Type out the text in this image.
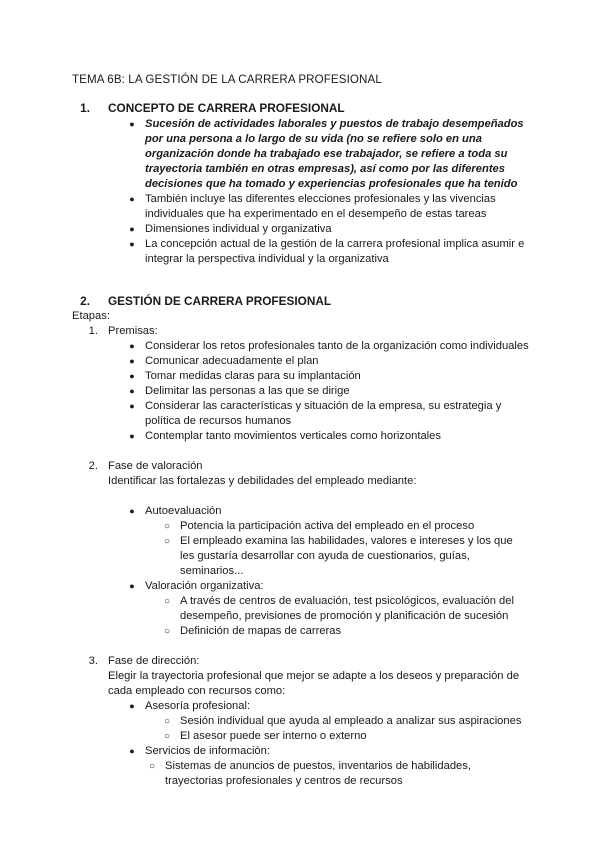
TEMA 6B: LA GESTIÓN DE LA CARRERA PROFESIONAL
1. CONCEPTO DE CARRERA PROFESIONAL
● Sucesión de actividades laborales y puestos de trabajo desempeñados
por una persona a lo largo de su vida (no se refiere solo en una
organización donde ha trabajado ese trabajador, se refiere a toda su
trayectoria también en otras empresas), así como por las diferentes
decisiones que ha tomado y experiencias profesionales que ha tenido
● También incluye las diferentes elecciones profesionales y las vivencias
individuales que ha experimentado en el desempeño de estas tareas
● Dimensiones individual y organizativa
● La concepción actual de la gestión de la carrera profesional implica asumir e
integrar la perspectiva individual y la organizativa
2. GESTIÓN DE CARRERA PROFESIONAL
Etapas:
1. Premisas:
● Considerar los retos profesionales tanto de la organización como individuales
● Comunicar adecuadamente el plan
● Tomar medidas claras para su implantación
● Delimitar las personas a las que se dirige
● Considerar las características y situación de la empresa, su estrategia y
política de recursos humanos
● Contemplar tanto movimientos verticales como horizontales
2. Fase de valoración
Identificar las fortalezas y debilidades del empleado mediante:
● Autoevaluación
○ Potencia la participación activa del empleado en el proceso
○ El empleado examina las habilidades, valores e intereses y los que
les gustaría desarrollar con ayuda de cuestionarios, guías,
seminarios...
● Valoración organizativa:
○ A través de centros de evaluación, test psicológicos, evaluación del
desempeño, previsiones de promoción y planificación de sucesión
○ Definición de mapas de carreras
3. Fase de dirección:
Elegir la trayectoria profesional que mejor se adapte a los deseos y preparación de
cada empleado con recursos como:
● Asesoría profesional:
○ Sesión individual que ayuda al empleado a analizar sus aspiraciones
○ El asesor puede ser interno o externo
● Servicios de información:
○ Sistemas de anuncios de puestos, inventarios de habilidades,
trayectorias profesionales y centros de recursos
